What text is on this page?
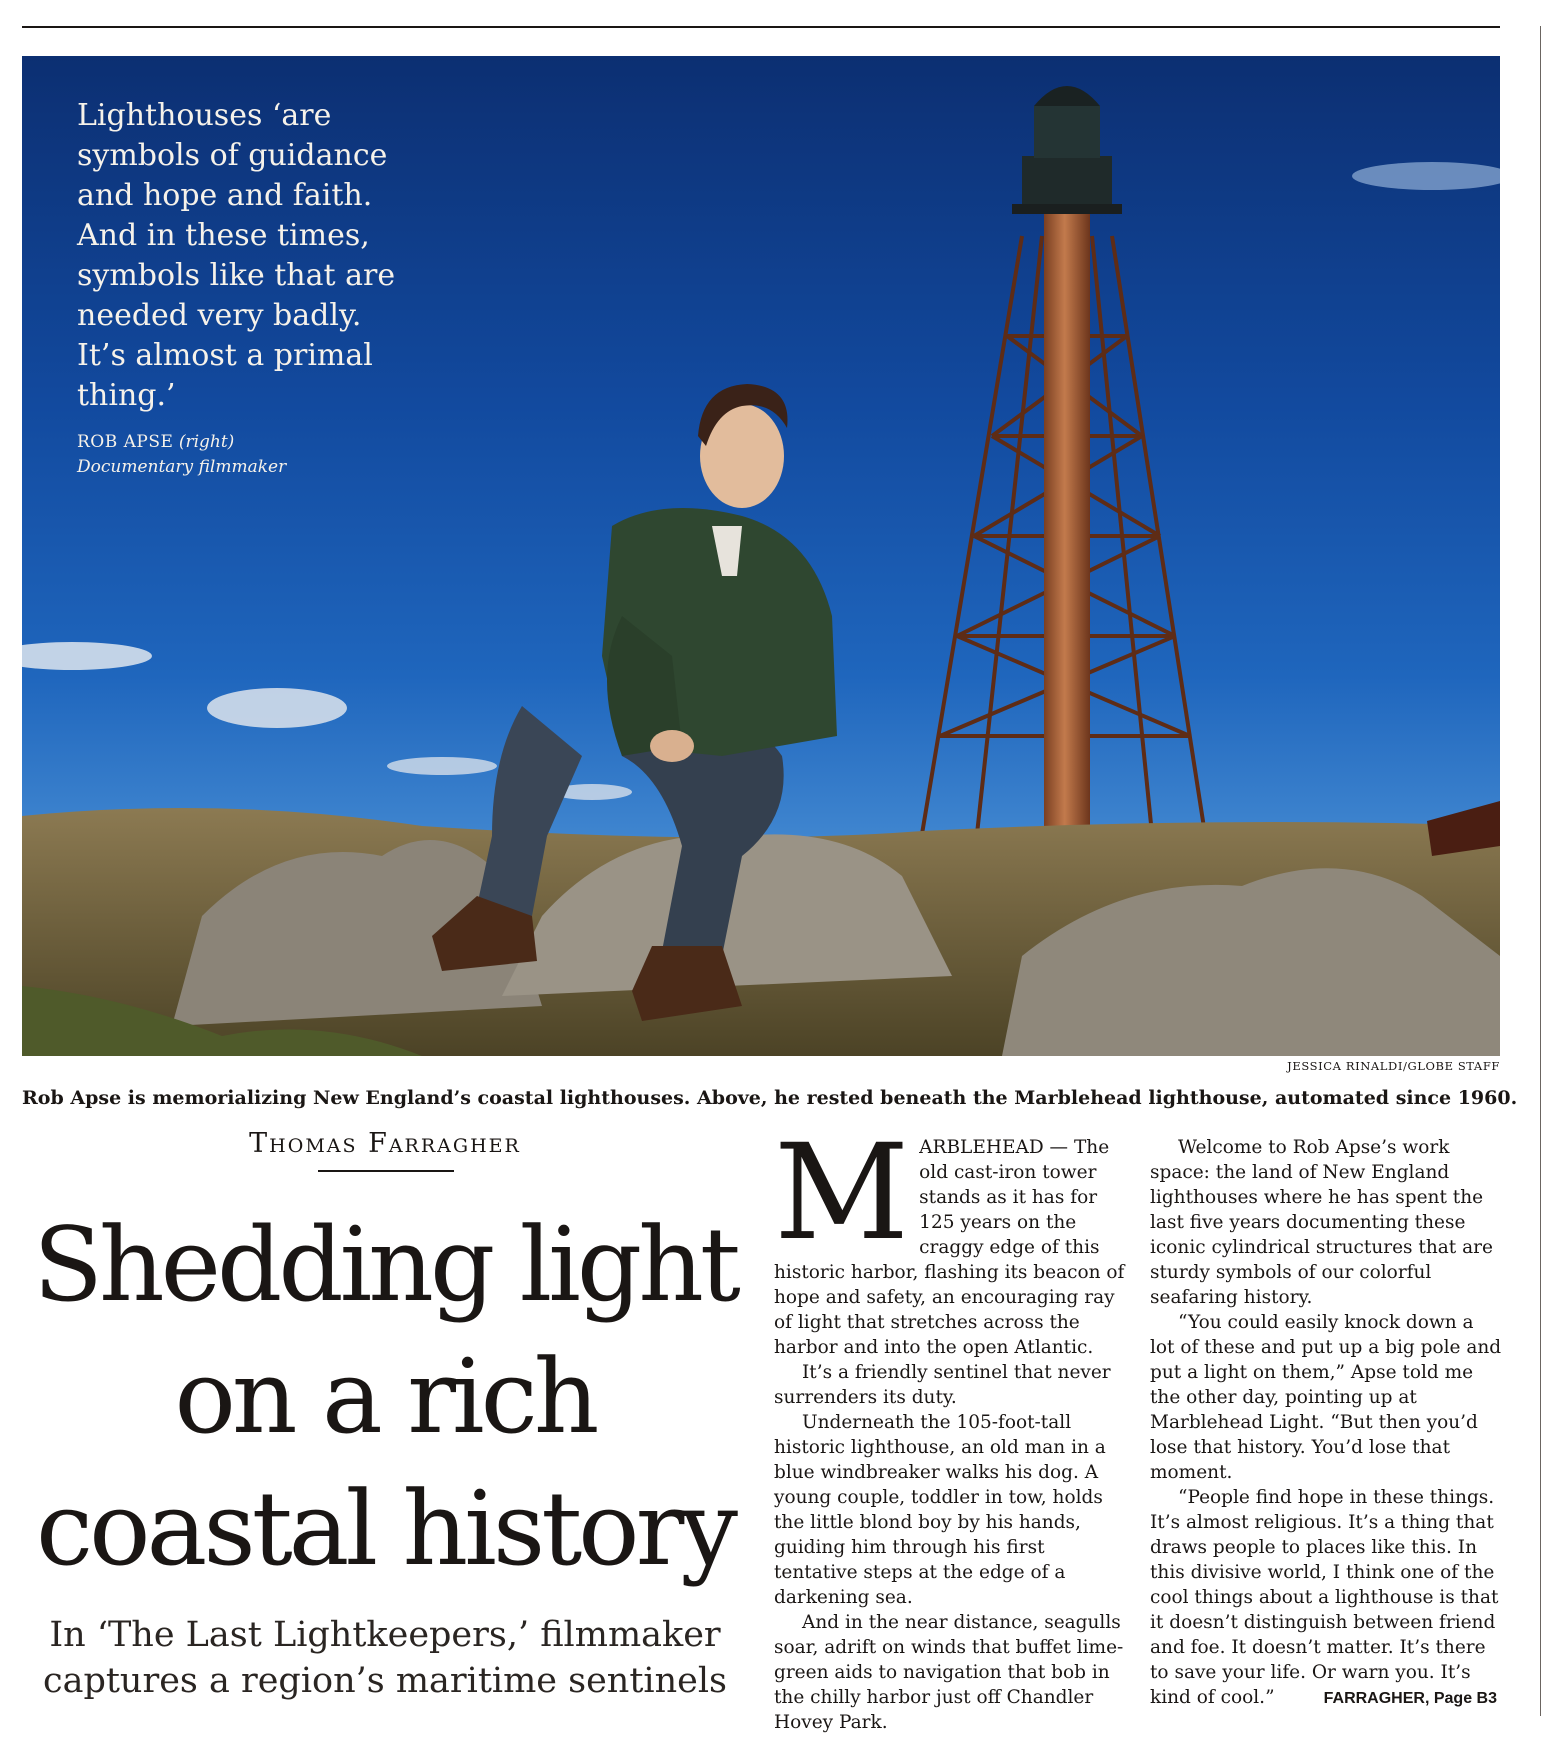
Lighthouses ‘are symbols of guidance and hope and faith. And in these times, symbols like that are needed very badly. It’s almost a primal thing.’

ROB APSE (right)
Documentary filmmaker
JESSICA RINALDI/GLOBE STAFF
Rob Apse is memorializing New England’s coastal lighthouses. Above, he rested beneath the Marblehead lighthouse, automated since 1960.
Thomas Farragher
Shedding light on a rich coastal history
In ‘The Last Lightkeepers,’ filmmaker captures a region’s maritime sentinels

MARBLEHEAD — The old cast-iron tower stands as it has for 125 years on the craggy edge of this historic harbor, flashing its beacon of hope and safety, an encouraging ray of light that stretches across the harbor and into the open Atlantic.

It’s a friendly sentinel that never surrenders its duty.

Underneath the 105-foot-tall historic lighthouse, an old man in a blue windbreaker walks his dog. A young couple, toddler in tow, holds the little blond boy by his hands, guiding him through his first tentative steps at the edge of a darkening sea.

And in the near distance, seagulls soar, adrift on winds that buffet lime-green aids to navigation that bob in the chilly harbor just off Chandler Hovey Park.

Welcome to Rob Apse’s work space: the land of New England lighthouses where he has spent the last five years documenting these iconic cylindrical structures that are sturdy symbols of our colorful seafaring history.

“You could easily knock down a lot of these and put up a big pole and put a light on them,” Apse told me the other day, pointing up at Marblehead Light. “But then you’d lose that history. You’d lose that moment.

“People find hope in these things. It’s almost religious. It’s a thing that draws people to places like this. In this divisive world, I think one of the cool things about a lighthouse is that it doesn’t distinguish between friend and foe. It doesn’t matter. It’s there to save your life. Or warn you. It’s kind of cool.”	FARRAGHER, Page B3
